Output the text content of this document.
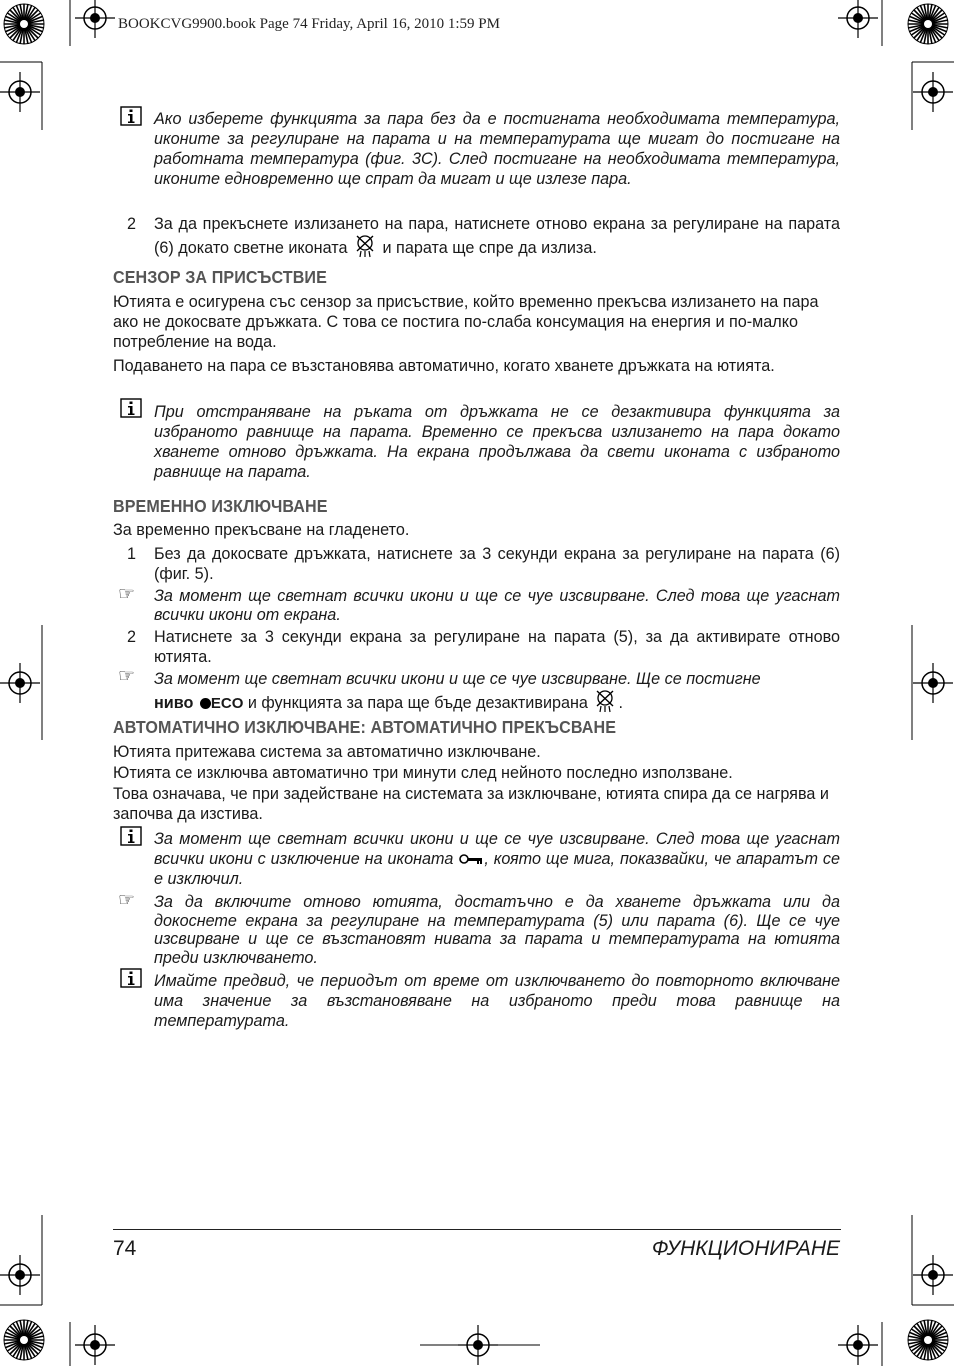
BOOKCVG9900.book Page 74 Friday, April 16, 2010 1:59 PM
Ако изберете функцията за пара без да е постигната необходимата температура, иконите за регулиране на парата и на температурата ще мигат до постигане на работната температура (фиг. 3С). След постигане на необходимата температура, иконите едновременно ще спрат да мигат и ще излезе пара.
2 За да прекъснете излизането на пара, натиснете отново екрана за регулиране на парата (6) докато светне иконата и парата ще спре да излиза.
СЕНЗОР ЗА ПРИСЪСТВИЕ
Ютията е осигурена със сензор за присъствие, който временно прекъсва излизането на пара ако не докосвате дръжката. С това се постига по-слаба консумация на енергия и по-малко потребление на вода.
Подаването на пара се възстановява автоматично, когато хванете дръжката на ютията.
При отстраняване на ръката от дръжката не се дезактивира функцията за избраното равнище на парата. Временно се прекъсва излизането на пара докато хванете отново дръжката. На екрана продължава да свети иконата с избраното равнище на парата.
ВРЕМЕННО ИЗКЛЮЧВАНЕ
За временно прекъсване на гладенето.
1 Без да докосвате дръжката, натиснете за 3 секунди екрана за регулиране на парата (6) (фиг. 5).
☞	За момент ще светнат всички икони и ще се чуе изсвирване. След това ще угаснат всички икони от екрана.
2 Натиснете за 3 секунди екрана за регулиране на парата (5), за да активирате отново ютията.
☞	За момент ще светнат всички икони и ще се чуе изсвирване. Ще се постигне
ниво ECO и функцията за пара ще бъде дезактивирана .
АВТОМАТИЧНО ИЗКЛЮЧВАНЕ: АВТОМАТИЧНО ПРЕКЪСВАНЕ
Ютията притежава система за автоматично изключване.
Ютията се изключва автоматично три минути след нейното последно използване.
Това означава, че при задействане на системата за изключване, ютията спира да се нагрява и започва да изстива.
За момент ще светнат всички икони и ще се чуе изсвирване. След това ще угаснат всички икони с изключение на иконата , която ще мига, показвайки, че апаратът се е изключил.
☞	За да включите отново ютията, достатъчно е да хванете дръжката или да докоснете екрана за регулиране на температурата (5) или парата (6). Ще се чуе изсвирване и ще се възстановят нивата за парата и температурата на ютията преди изключването.
Имайте предвид, че периодът от време от изключването до повторното включване има значение за възстановяване на избраното преди това равнище на температурата.
74	ФУНКЦИОНИРАНЕ
